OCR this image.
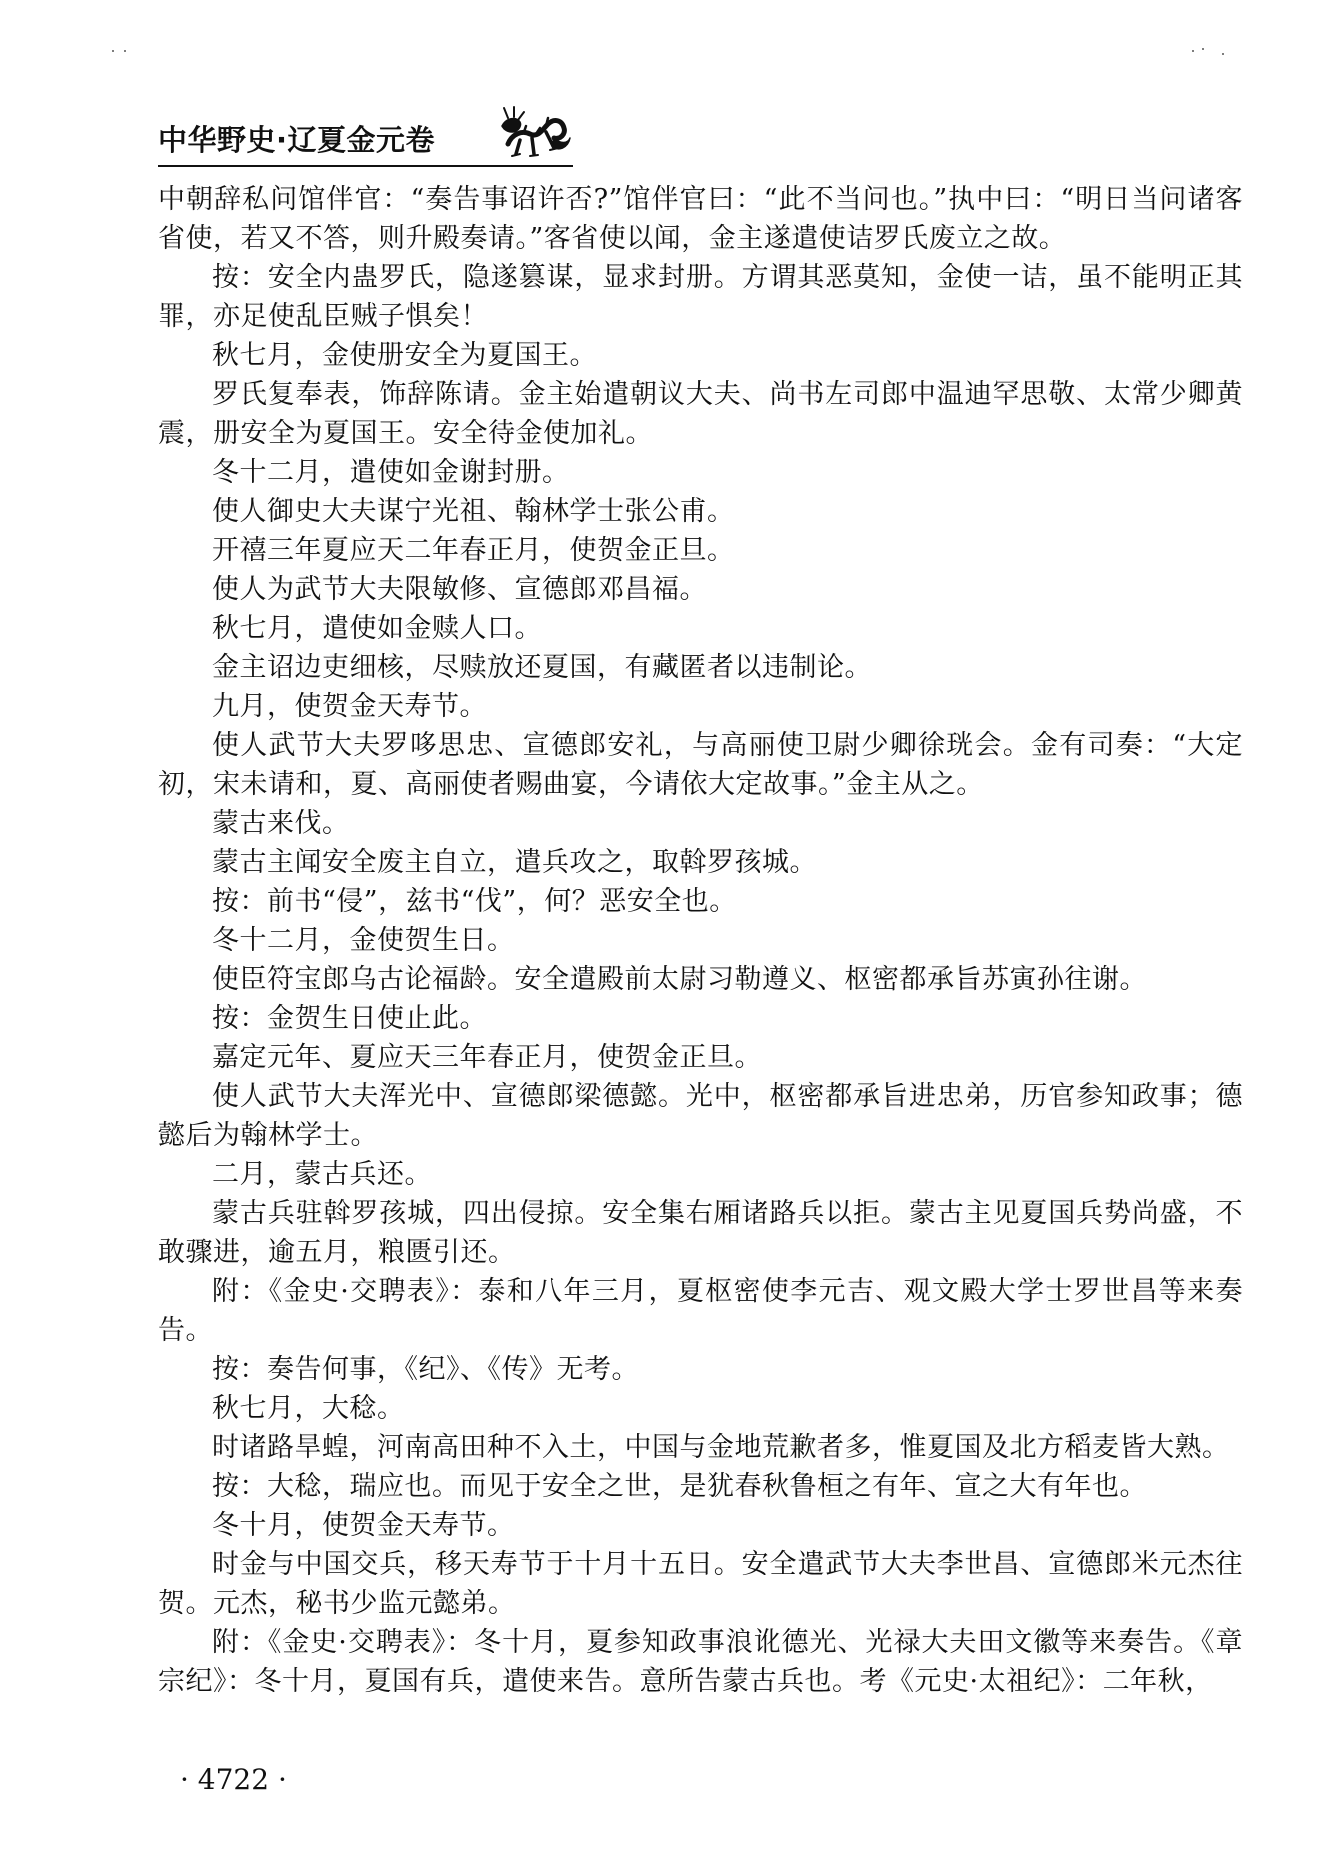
中华野史·辽夏金元卷

中朝辞私问馆伴官：“奏告事诏许否?”馆伴官曰：“此不当问也。”执中曰：“明日当问诸客省使，若又不答，则升殿奏请。”客省使以闻，金主遂遣使诘罗氏废立之故。

按：安全内蛊罗氏，隐遂篡谋，显求封册。方谓其恶莫知，金使一诘，虽不能明正其罪，亦足使乱臣贼子惧矣！

秋七月，金使册安全为夏国王。

罗氏复奉表，饰辞陈请。金主始遣朝议大夫、尚书左司郎中温迪罕思敬、太常少卿黄震，册安全为夏国王。安全待金使加礼。

冬十二月，遣使如金谢封册。

使人御史大夫谋宁光祖、翰林学士张公甫。

开禧三年夏应天二年春正月，使贺金正旦。

使人为武节大夫限敏修、宣德郎邓昌福。

秋七月，遣使如金赎人口。

金主诏边吏细核，尽赎放还夏国，有藏匿者以违制论。

九月，使贺金天寿节。

使人武节大夫罗哆思忠、宣德郎安礼，与高丽使卫尉少卿徐珖会。金有司奏：“大定初，宋未请和，夏、高丽使者赐曲宴，今请依大定故事。”金主从之。

蒙古来伐。

蒙古主闻安全废主自立，遣兵攻之，取斡罗孩城。

按：前书“侵”，兹书“伐”，何？恶安全也。

冬十二月，金使贺生日。

使臣符宝郎乌古论福龄。安全遣殿前太尉习勒遵义、枢密都承旨苏寅孙往谢。

按：金贺生日使止此。

嘉定元年、夏应天三年春正月，使贺金正旦。

使人武节大夫浑光中、宣德郎梁德懿。光中，枢密都承旨进忠弟，历官参知政事；德懿后为翰林学士。

二月，蒙古兵还。

蒙古兵驻斡罗孩城，四出侵掠。安全集右厢诸路兵以拒。蒙古主见夏国兵势尚盛，不敢骤进，逾五月，粮匮引还。

附：《金史·交聘表》：泰和八年三月，夏枢密使李元吉、观文殿大学士罗世昌等来奏告。

按：奏告何事，《纪》、《传》无考。

秋七月，大稔。

时诸路旱蝗，河南高田种不入土，中国与金地荒歉者多，惟夏国及北方稻麦皆大熟。

按：大稔，瑞应也。而见于安全之世，是犹春秋鲁桓之有年、宣之大有年也。

冬十月，使贺金天寿节。

时金与中国交兵，移天寿节于十月十五日。安全遣武节大夫李世昌、宣德郎米元杰往贺。元杰，秘书少监元懿弟。

附：《金史·交聘表》：冬十月，夏参知政事浪讹德光、光禄大夫田文徽等来奏告。《章宗纪》：冬十月，夏国有兵，遣使来告。意所告蒙古兵也。考《元史·太祖纪》：二年秋，

· 4722 ·
